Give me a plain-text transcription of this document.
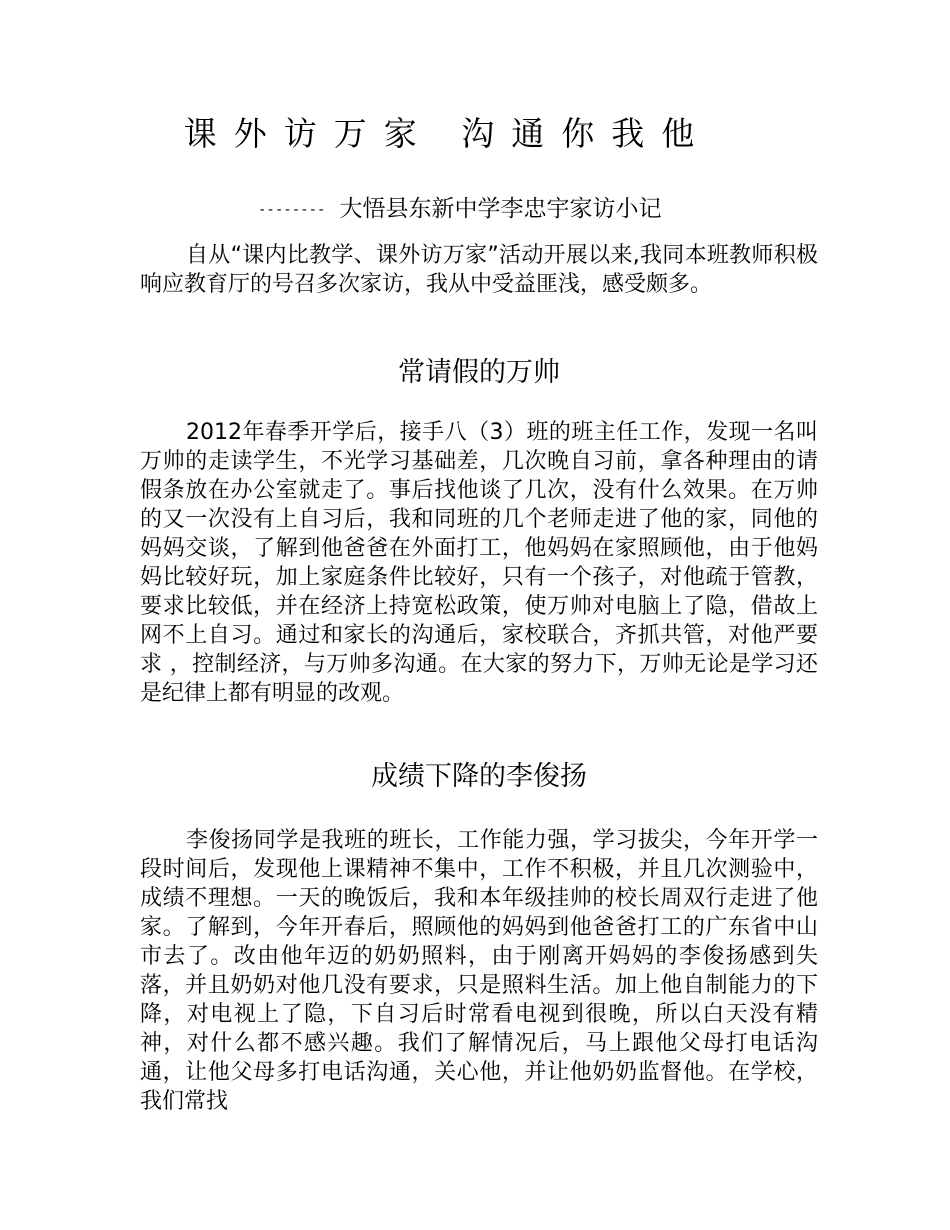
课外访万家 沟通你我他
-------- 大悟县东新中学李忠宇家访小记

自从“课内比教学、课外访万家”活动开展以来,我同本班教师积极响应教育厅的号召多次家访，我从中受益匪浅，感受颇多。

常请假的万帅

2012年春季开学后，接手八（3）班的班主任工作，发现一名叫万帅的走读学生，不光学习基础差，几次晚自习前，拿各种理由的请假条放在办公室就走了。事后找他谈了几次，没有什么效果。在万帅的又一次没有上自习后，我和同班的几个老师走进了他的家，同他的妈妈交谈，了解到他爸爸在外面打工，他妈妈在家照顾他，由于他妈妈比较好玩，加上家庭条件比较好，只有一个孩子，对他疏于管教，要求比较低，并在经济上持宽松政策，使万帅对电脑上了隐，借故上网不上自习。通过和家长的沟通后，家校联合，齐抓共管，对他严要求 ，控制经济，与万帅多沟通。在大家的努力下，万帅无论是学习还是纪律上都有明显的改观。

成绩下降的李俊扬

李俊扬同学是我班的班长，工作能力强，学习拔尖，今年开学一段时间后，发现他上课精神不集中，工作不积极，并且几次测验中，成绩不理想。一天的晚饭后，我和本年级挂帅的校长周双行走进了他家。了解到，今年开春后，照顾他的妈妈到他爸爸打工的广东省中山市去了。改由他年迈的奶奶照料，由于刚离开妈妈的李俊扬感到失落，并且奶奶对他几没有要求，只是照料生活。加上他自制能力的下降，对电视上了隐，下自习后时常看电视到很晚，所以白天没有精神，对什么都不感兴趣。我们了解情况后，马上跟他父母打电话沟通，让他父母多打电话沟通，关心他，并让他奶奶监督他。在学校，我们常找
